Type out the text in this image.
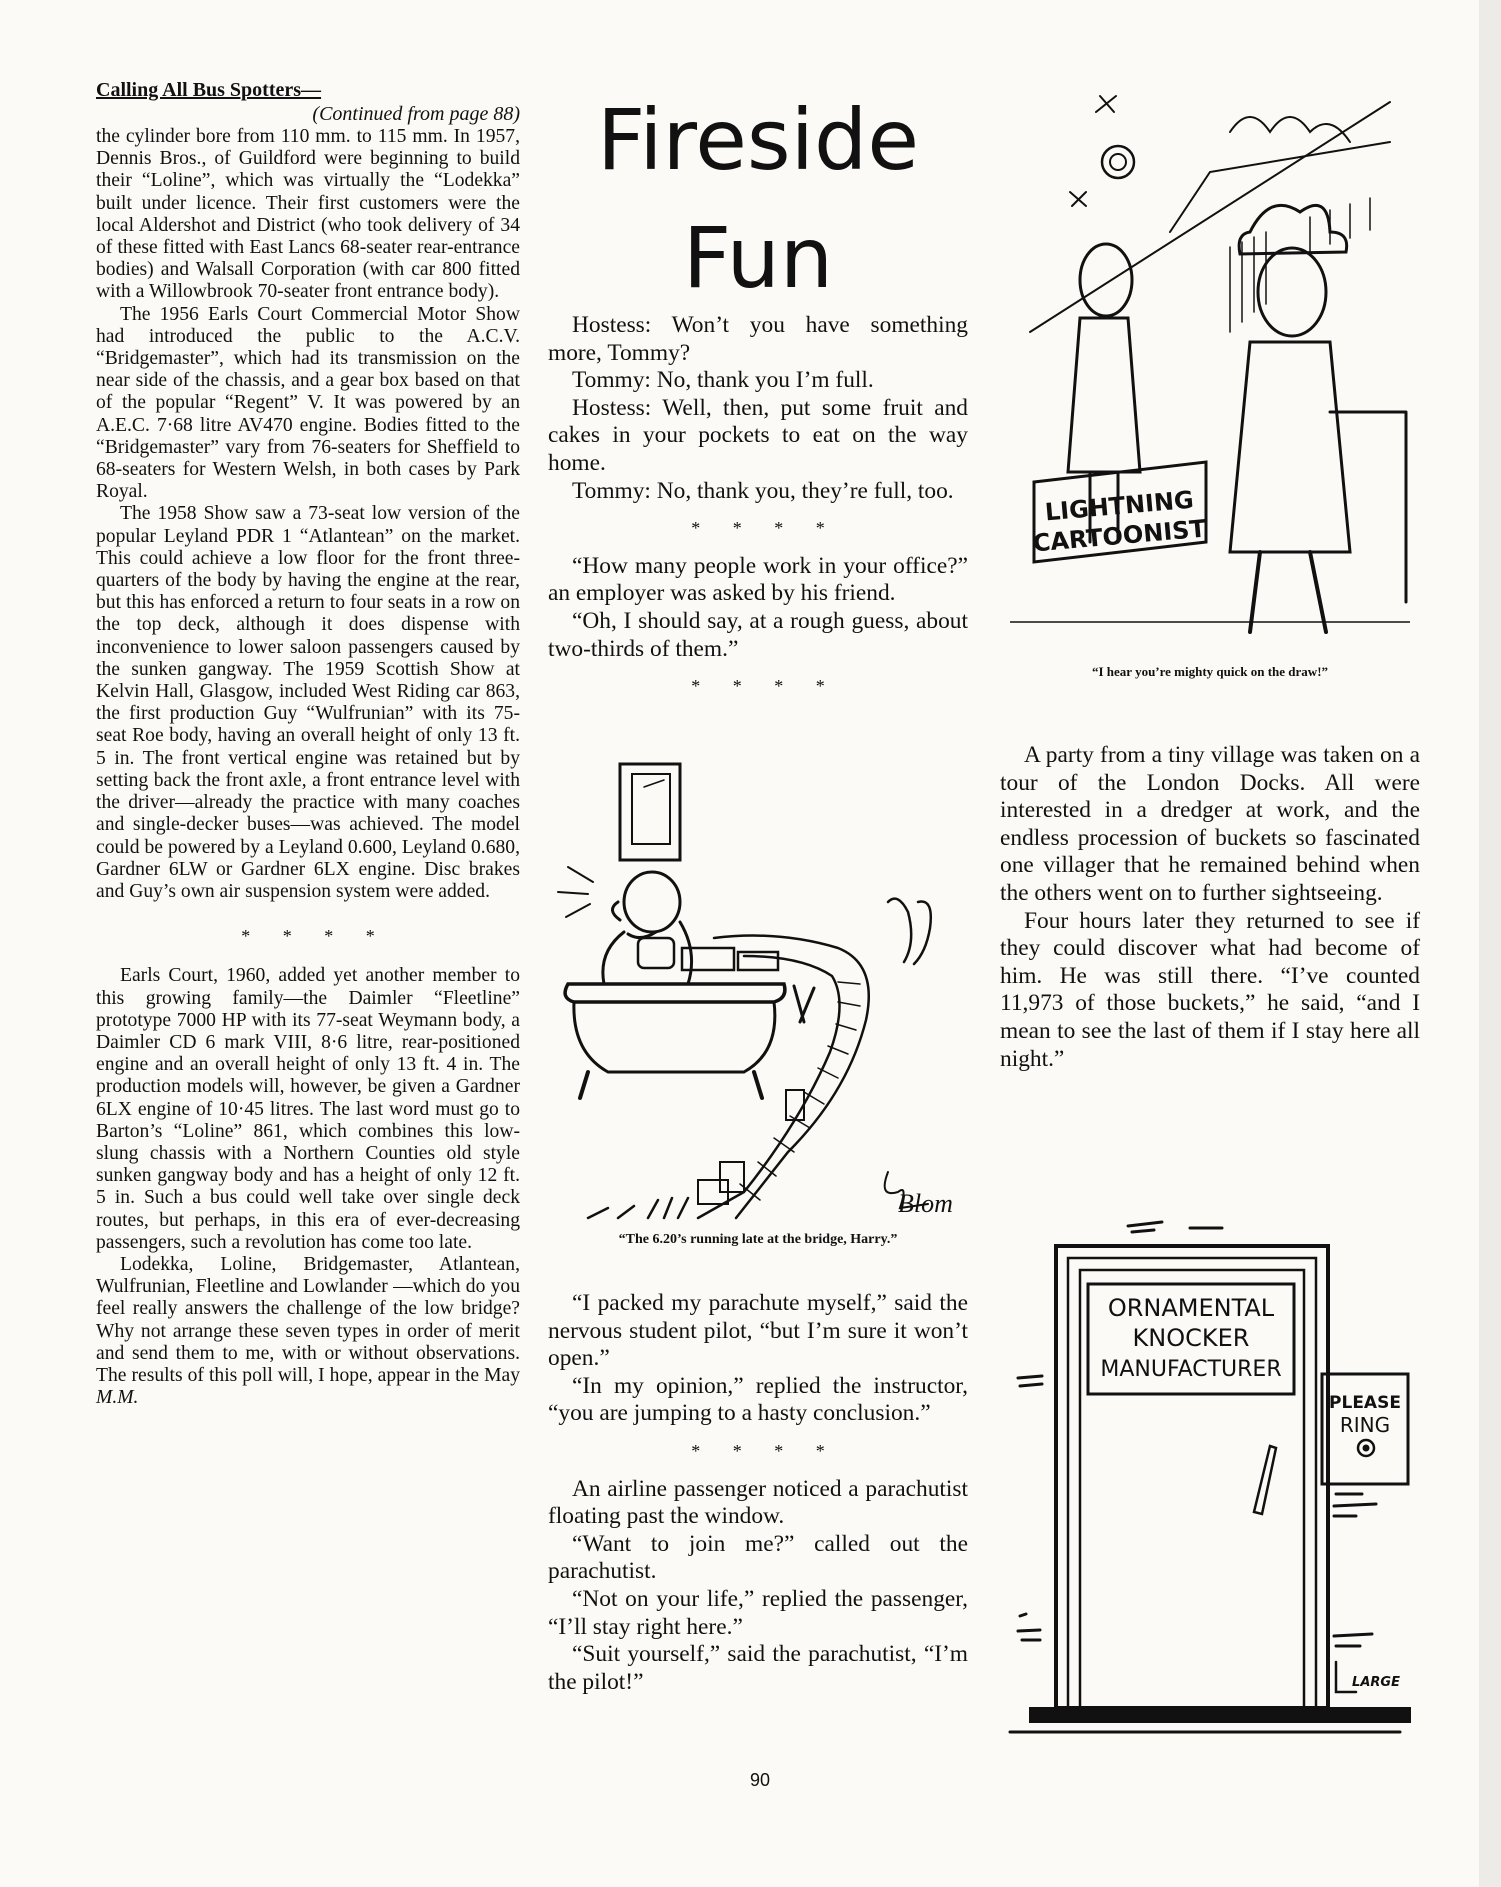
Calling All Bus Spotters—
(Continued from page 88)

the cylinder bore from 110 mm. to 115 mm. In 1957, Dennis Bros., of Guildford were beginning to build their “Loline”, which was virtually the “Lodekka” built under licence. Their first customers were the local Aldershot and District (who took delivery of 34 of these fitted with East Lancs 68-seater rear-entrance bodies) and Walsall Corporation (with car 800 fitted with a Willowbrook 70-seater front entrance body).

The 1956 Earls Court Commercial Motor Show had introduced the public to the A.C.V. “Bridgemaster”, which had its transmission on the near side of the chassis, and a gear box based on that of the popular “Regent” V. It was powered by an A.E.C. 7·68 litre AV470 engine. Bodies fitted to the “Bridgemaster” vary from 76-seaters for Sheffield to 68-seaters for Western Welsh, in both cases by Park Royal.

The 1958 Show saw a 73-seat low version of the popular Leyland PDR 1 “Atlantean” on the market. This could achieve a low floor for the front three-quarters of the body by having the engine at the rear, but this has enforced a return to four seats in a row on the top deck, although it does dispense with inconvenience to lower saloon passengers caused by the sunken gangway. The 1959 Scottish Show at Kelvin Hall, Glasgow, included West Riding car 863, the first production Guy “Wulfrunian” with its 75-seat Roe body, having an overall height of only 13 ft. 5 in. The front vertical engine was retained but by setting back the front axle, a front entrance level with the driver—already the practice with many coaches and single-decker buses—was achieved. The model could be powered by a Leyland 0.600, Leyland 0.680, Gardner 6LW or Gardner 6LX engine. Disc brakes and Guy’s own air suspension system were added.

* * * *

Earls Court, 1960, added yet another member to this growing family—the Daimler “Fleetline” prototype 7000 HP with its 77-seat Weymann body, a Daimler CD 6 mark VIII, 8·6 litre, rear-positioned engine and an overall height of only 13 ft. 4 in. The production models will, however, be given a Gardner 6LX engine of 10·45 litres. The last word must go to Barton’s “Loline” 861, which combines this low-slung chassis with a Northern Counties old style sunken gangway body and has a height of only 12 ft. 5 in. Such a bus could well take over single deck routes, but perhaps, in this era of ever-decreasing passengers, such a revolution has come too late.

Lodekka, Loline, Bridgemaster, Atlantean, Wulfrunian, Fleetline and Lowlander —which do you feel really answers the challenge of the low bridge? Why not arrange these seven types in order of merit and send them to me, with or without observations. The results of this poll will, I hope, appear in the May M.M.

Fireside
Fun

Hostess: Won’t you have something more, Tommy?

Tommy: No, thank you I’m full.

Hostess: Well, then, put some fruit and cakes in your pockets to eat on the way home.

Tommy: No, thank you, they’re full, too.

* * * *

“How many people work in your office?” an employer was asked by his friend.

“Oh, I should say, at a rough guess, about two-thirds of them.”

* * * *

Blom
“The 6.20’s running late at the bridge, Harry.”

“I packed my parachute myself,” said the nervous student pilot, “but I’m sure it won’t open.”

“In my opinion,” replied the instructor, “you are jumping to a hasty conclusion.”

* * * *

An airline passenger noticed a parachutist floating past the window.

“Want to join me?” called out the parachutist.

“Not on your life,” replied the passenger, “I’ll stay right here.”

“Suit yourself,” said the parachutist, “I’m the pilot!”

LIGHTNING
CARTOONIST
“I hear you’re mighty quick on the draw!”

A party from a tiny village was taken on a tour of the London Docks. All were interested in a dredger at work, and the endless procession of buckets so fascinated one villager that he remained behind when the others went on to further sightseeing.

Four hours later they returned to see if they could discover what had become of him. He was still there. “I’ve counted 11,973 of those buckets,” he said, “and I mean to see the last of them if I stay here all night.”

ORNAMENTAL
KNOCKER
MANUFACTURER
PLEASE
RING
LARGE
90
